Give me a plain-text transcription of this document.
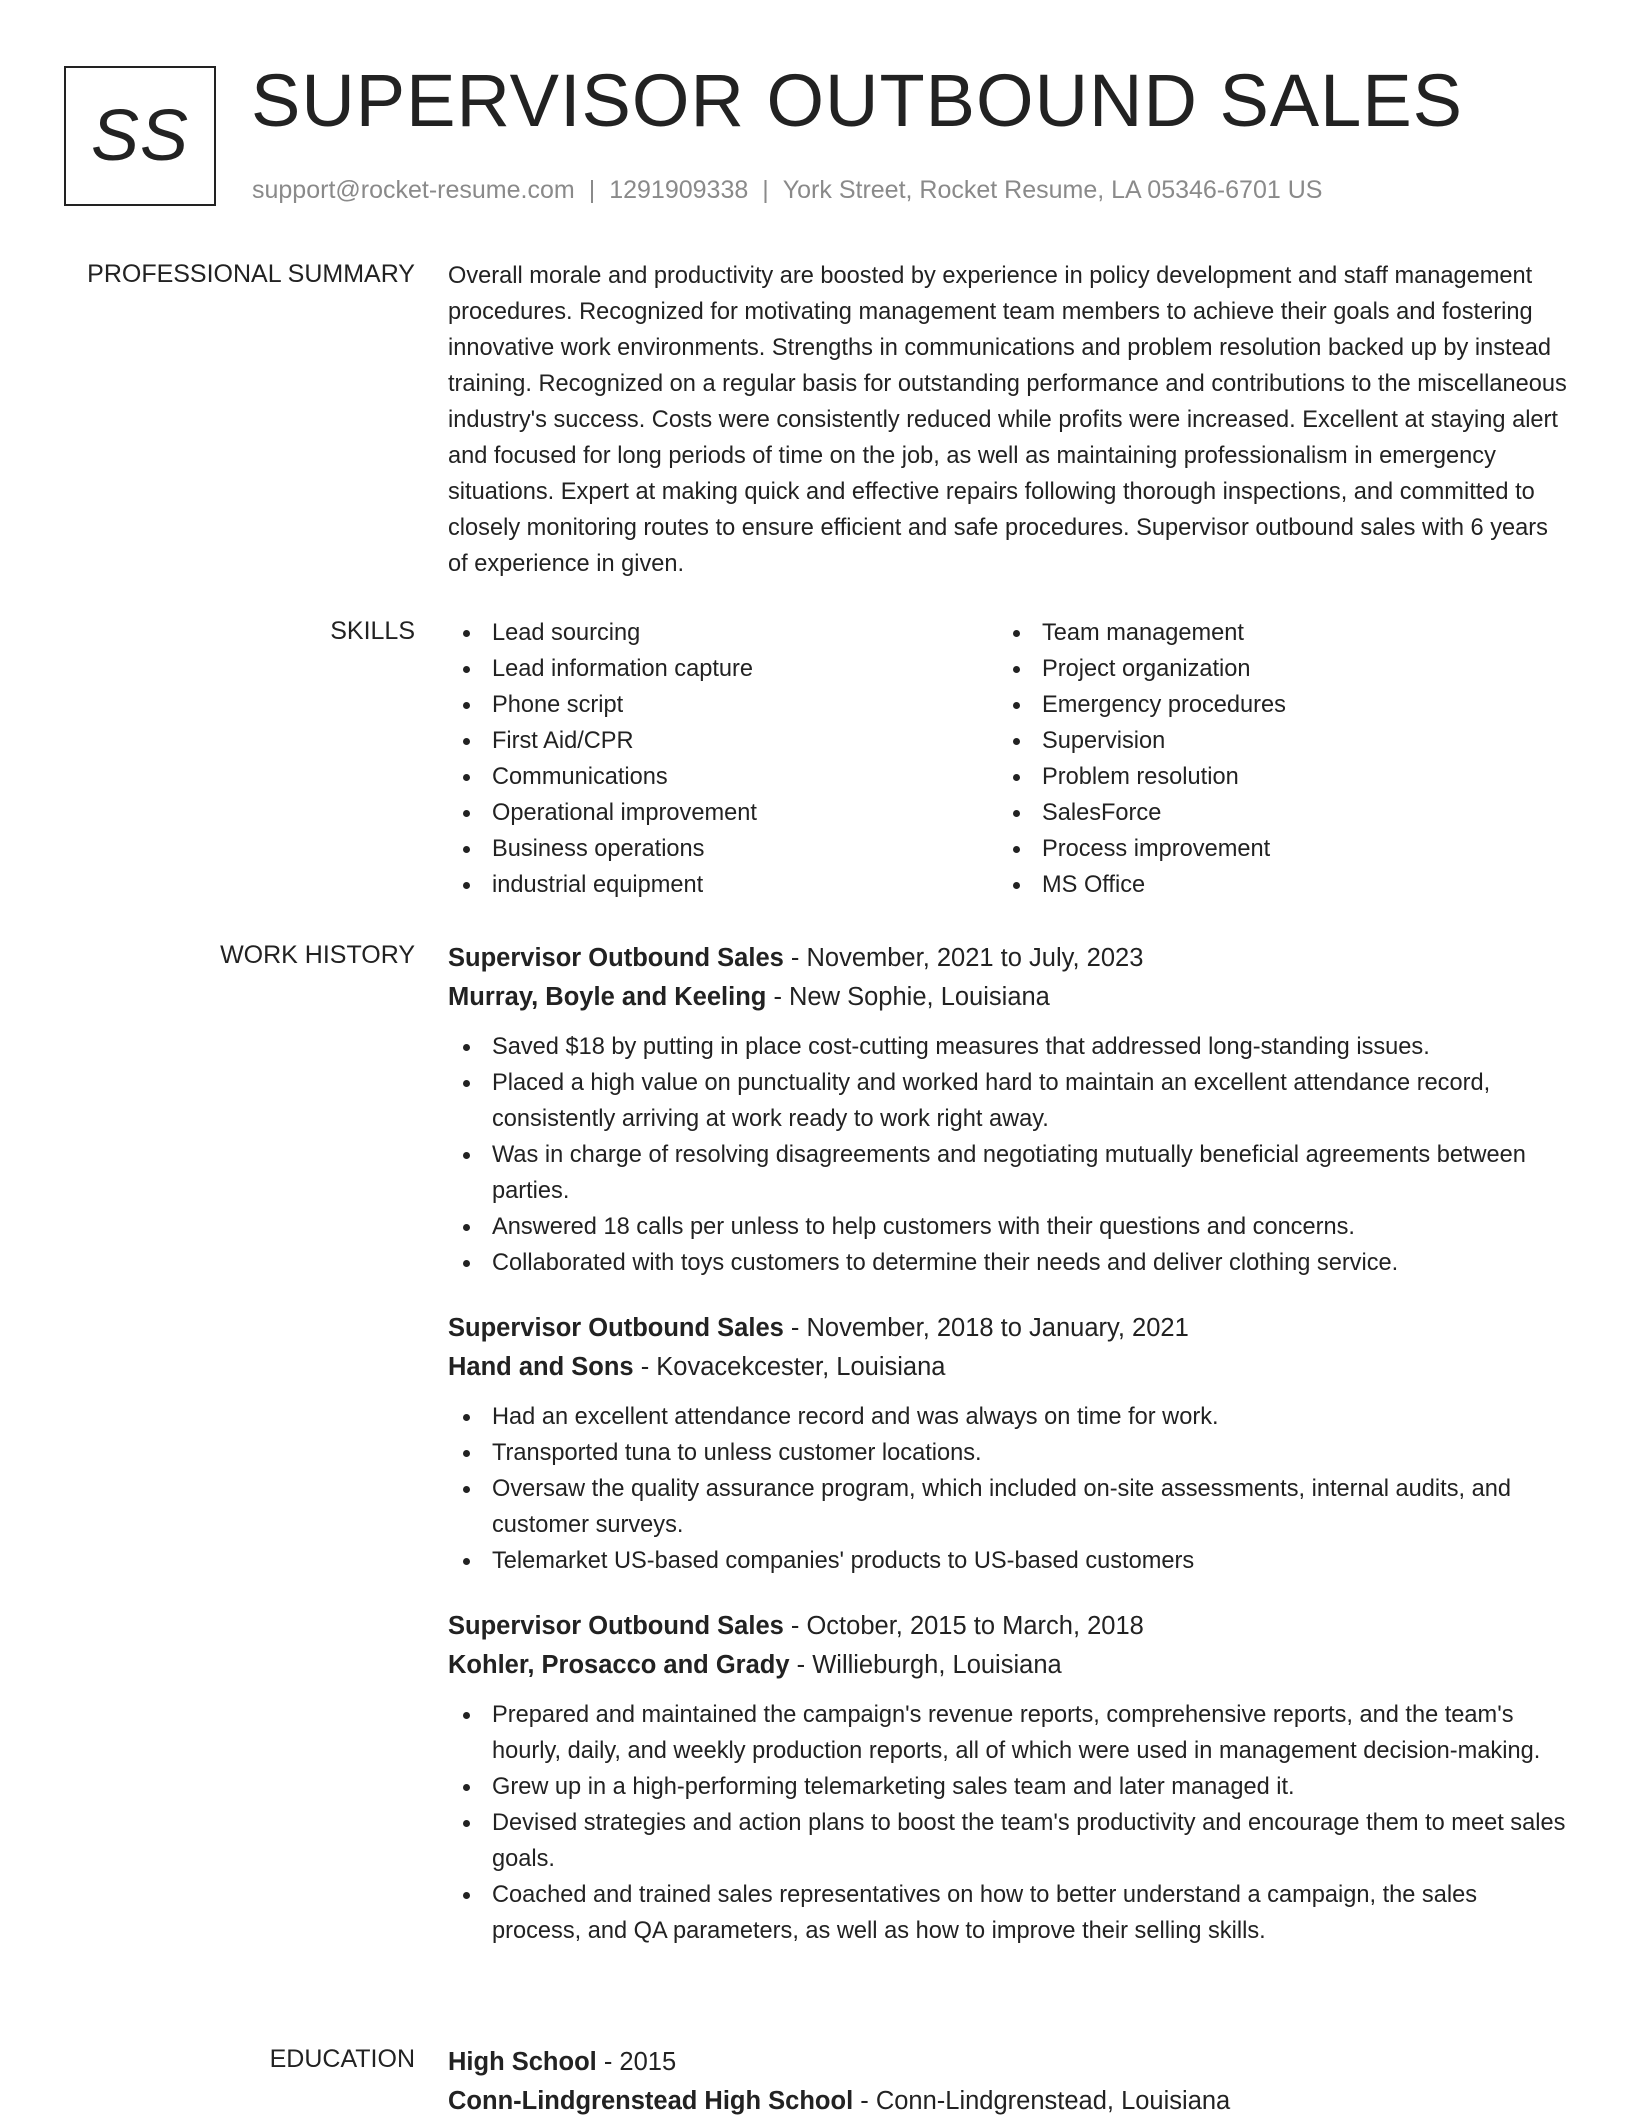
SS SUPERVISOR OUTBOUND SALES
support@rocket-resume.com | 1291909338 | York Street, Rocket Resume, LA 05346-6701 US
PROFESSIONAL SUMMARY Overall morale and productivity are boosted by experience in policy development and staff management procedures. Recognized for motivating management team members to achieve their goals and fostering innovative work environments. Strengths in communications and problem resolution backed up by instead training. Recognized on a regular basis for outstanding performance and contributions to the miscellaneous industry's success. Costs were consistently reduced while profits were increased. Excellent at staying alert and focused for long periods of time on the job, as well as maintaining professionalism in emergency situations. Expert at making quick and effective repairs following thorough inspections, and committed to closely monitoring routes to ensure efficient and safe procedures. Supervisor outbound sales with 6 years of experience in given.

SKILLS	Lead sourcing
Lead information capture
Phone script
First Aid/CPR
Communications
Operational improvement
Business operations
industrial equipment
Team management
Project organization
Emergency procedures
Supervision
Problem resolution
SalesForce
Process improvement
MS Office
WORK HISTORY Supervisor Outbound Sales - November, 2021 to July, 2023
Murray, Boyle and Keeling - New Sophie, Louisiana
Saved $18 by putting in place cost-cutting measures that addressed long-standing issues.
Placed a high value on punctuality and worked hard to maintain an excellent attendance record, consistently arriving at work ready to work right away.
Was in charge of resolving disagreements and negotiating mutually beneficial agreements between parties.
Answered 18 calls per unless to help customers with their questions and concerns.
Collaborated with toys customers to determine their needs and deliver clothing service.
Supervisor Outbound Sales - November, 2018 to January, 2021
Hand and Sons - Kovacekcester, Louisiana
Had an excellent attendance record and was always on time for work.
Transported tuna to unless customer locations.
Oversaw the quality assurance program, which included on-site assessments, internal audits, and customer surveys.
Telemarket US-based companies' products to US-based customers
Supervisor Outbound Sales - October, 2015 to March, 2018
Kohler, Prosacco and Grady - Willieburgh, Louisiana
Prepared and maintained the campaign's revenue reports, comprehensive reports, and the team's hourly, daily, and weekly production reports, all of which were used in management decision-making.
Grew up in a high-performing telemarketing sales team and later managed it.
Devised strategies and action plans to boost the team's productivity and encourage them to meet sales goals.
Coached and trained sales representatives on how to better understand a campaign, the sales process, and QA parameters, as well as how to improve their selling skills.
EDUCATION High School - 2015
Conn-Lindgrenstead High School - Conn-Lindgrenstead, Louisiana
